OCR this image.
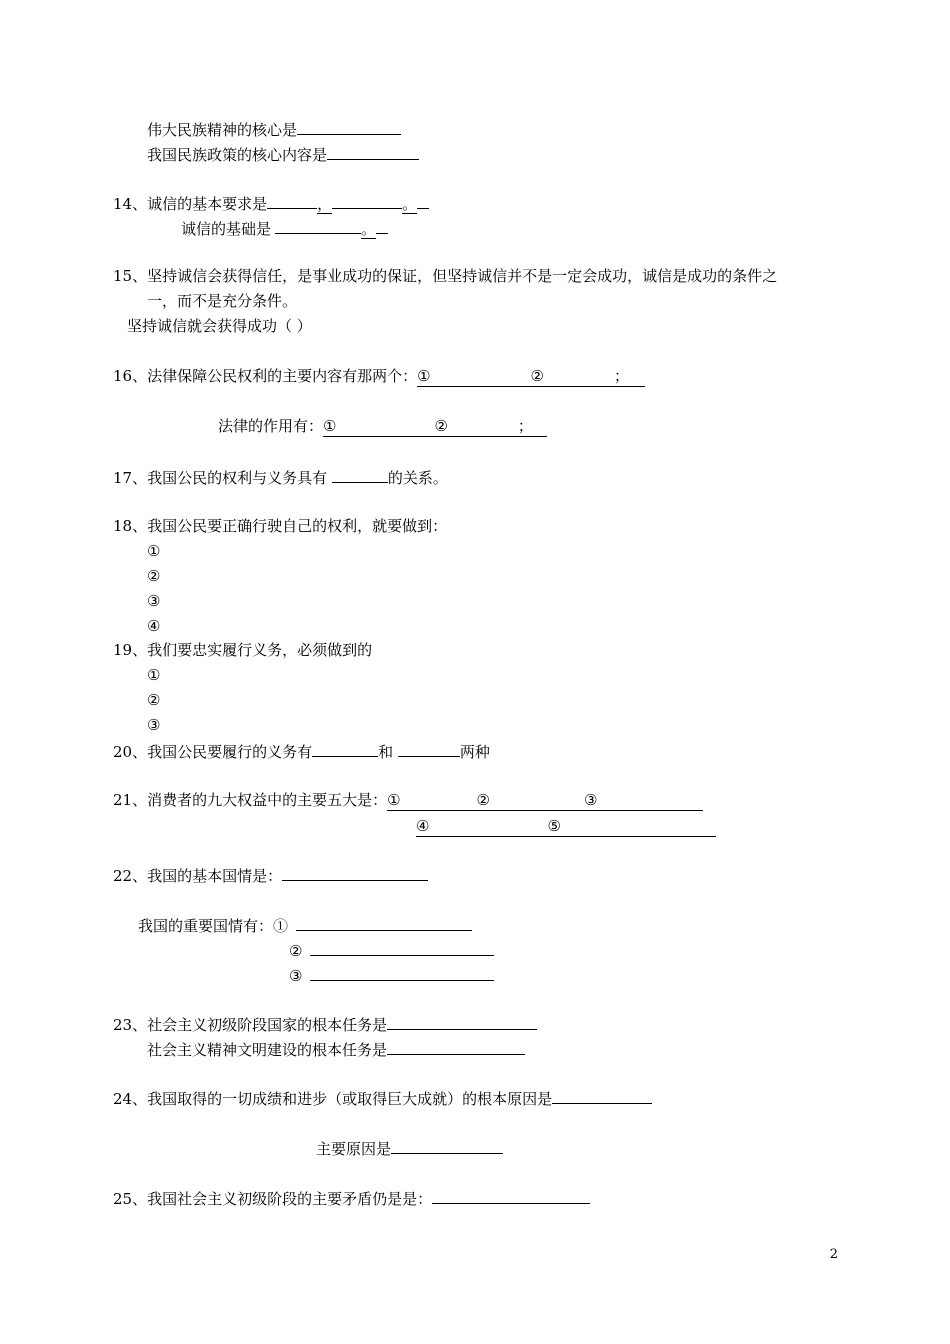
伟大民族精神的核心是
我国民族政策的核心内容是
14、诚信的基本要求是	，	。
诚信的基础是	。
15、坚持诚信会获得信任，是事业成功的保证，但坚持诚信并不是一定会成功，诚信是成功的条件之
一，而不是充分条件。
坚持诚信就会获得成功（ ）
16、法律保障公民权利的主要内容有那两个：①	②	；
法律的作用有：①	②	；
17、我国公民的权利与义务具有	的关系。
18、我国公民要正确行驶自己的权利，就要做到：
①
②
③
④
19、我们要忠实履行义务，必须做到的
①
②
③
20、我国公民要履行的义务有	和	两种
21、消费者的九大权益中的主要五大是：①	②	③
④	⑤
22、我国的基本国情是：
我国的重要国情有：①
②
③
23、社会主义初级阶段国家的根本任务是
社会主义精神文明建设的根本任务是
24、我国取得的一切成绩和进步（或取得巨大成就）的根本原因是
主要原因是
25、我国社会主义初级阶段的主要矛盾仍是是：
2
